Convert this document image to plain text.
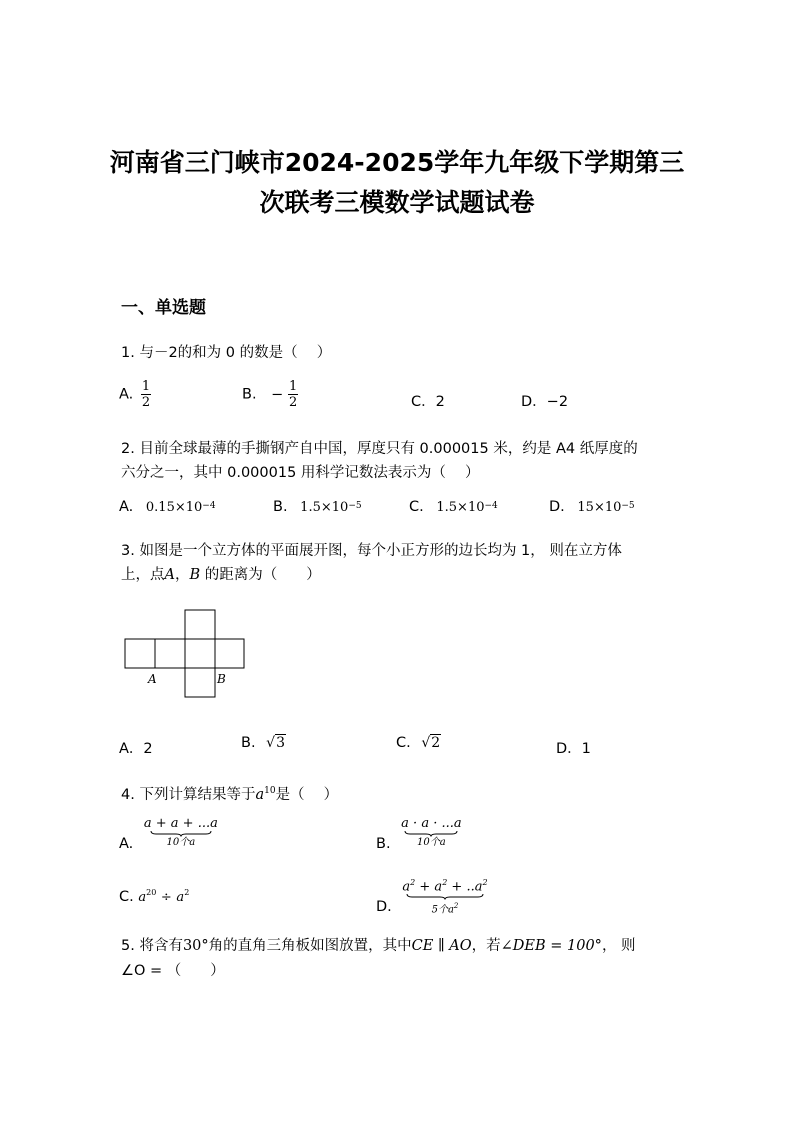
河南省三门峡市2024-2025学年九年级下学期第三
次联考三模数学试题试卷
一、单选题
1. 与－2的和为 0 的数是（　 ）
A. $\frac{1}{2}$	B. − $\frac{1}{2}$	C．2	D．−2
2. 目前全球最薄的手撕钢产自中国，厚度只有 0.000015 米，约是 A4 纸厚度的
六分之一，其中 0.000015 用科学记数法表示为（　 ）
A. $0.15\times 10^{-4}$	B. $1.5\times 10^{-5}$	C. $1.5\times 10^{-4}$	D. $15\times 10^{-5}$
3. 如图是一个立方体的平面展开图，每个小正方形的边长均为 1， 则在立方体
上，点A，B 的距离为（　　）
A	B
A．2	B. √3	C. √2	D．1
4. 下列计算结果等于$a^{10}$是（　 ）
A.
a + a + ...a
10个a	B.
a · a · ...a
10个a
C. $a^{20} \div a^2$
D.
$a^2 + a^2 + ..a^2$
5个$a^2$
5. 将含有30°角的直角三角板如图放置，其中CE ∥ AO，若∠DEB = 100°， 则
∠O = （　　）
